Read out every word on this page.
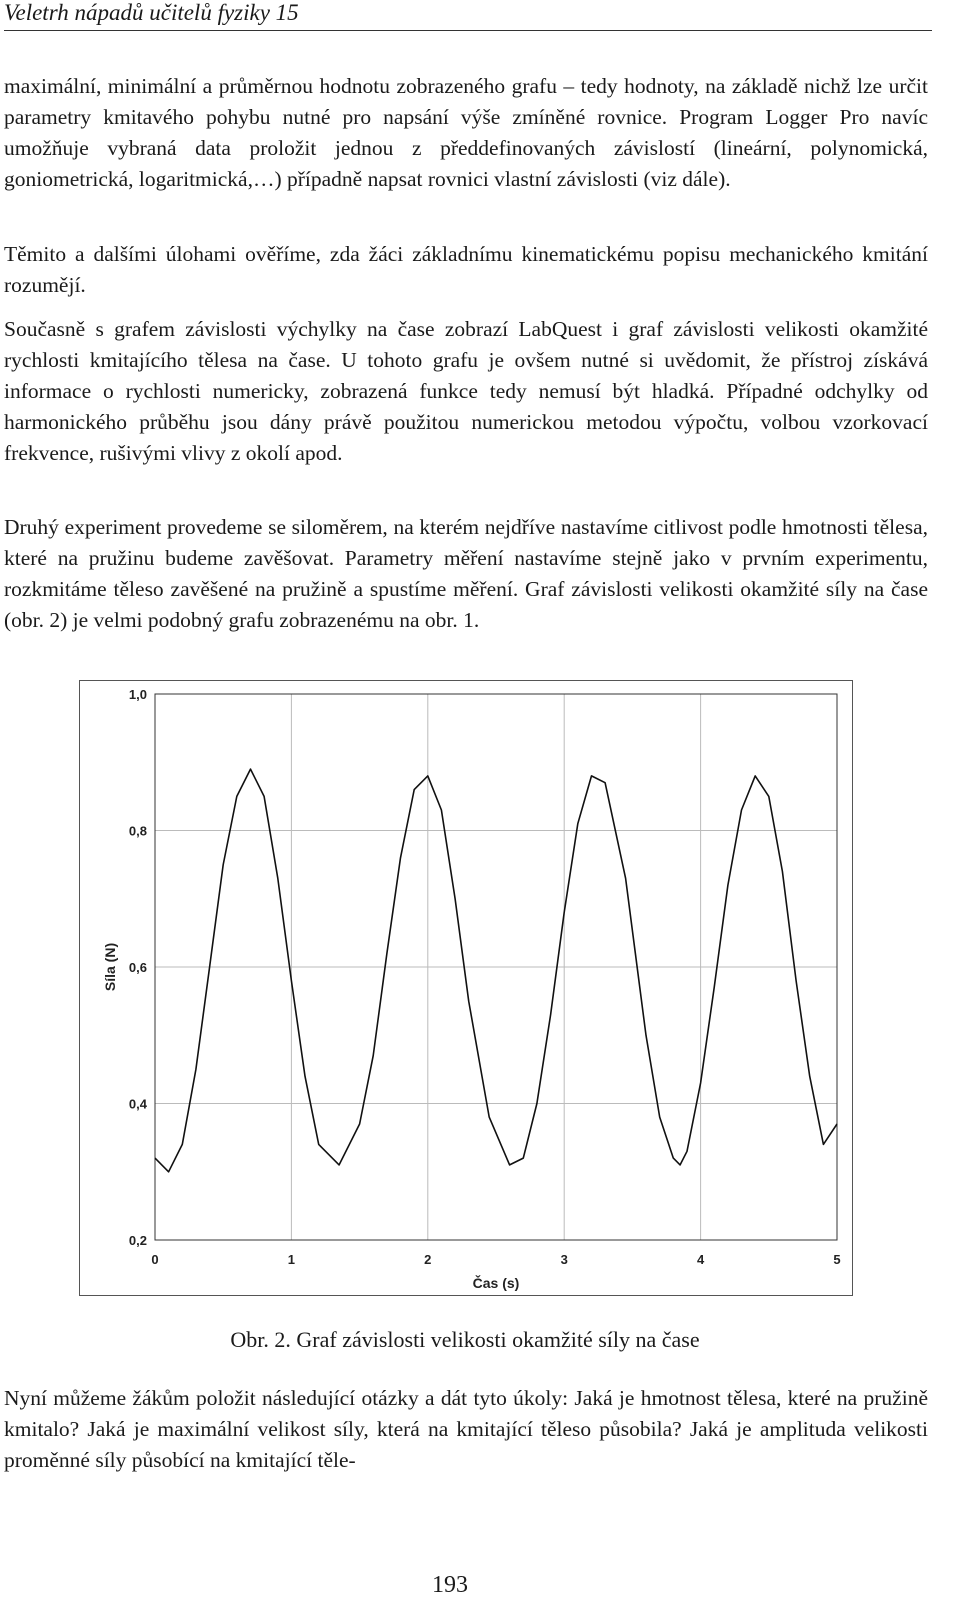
Veletrh nápadů učitelů fyziky 15

maximální, minimální a průměrnou hodnotu zobrazeného grafu – tedy hodnoty, na základě nichž lze určit parametry kmitavého pohybu nutné pro napsání výše zmíněné rovnice. Program Logger Pro navíc umožňuje vybraná data proložit jednou z předdefinovaných závislostí (lineární, polynomická, goniometrická, logaritmická,…) případně napsat rovnici vlastní závislosti (viz dále).

Těmito a dalšími úlohami ověříme, zda žáci základnímu kinematickému popisu mechanického kmitání rozumějí.

Současně s grafem závislosti výchylky na čase zobrazí LabQuest i graf závislosti velikosti okamžité rychlosti kmitajícího tělesa na čase. U tohoto grafu je ovšem nutné si uvědomit, že přístroj získává informace o rychlosti numericky, zobrazená funkce tedy nemusí být hladká. Případné odchylky od harmonického průběhu jsou dány právě použitou numerickou metodou výpočtu, volbou vzorkovací frekvence, rušivými vlivy z okolí apod.

Druhý experiment provedeme se siloměrem, na kterém nejdříve nastavíme citlivost podle hmotnosti tělesa, které na pružinu budeme zavěšovat. Parametry měření nastavíme stejně jako v prvním experimentu, rozkmitáme těleso zavěšené na pružině a spustíme měření. Graf závislosti velikosti okamžité síly na čase (obr. 2) je velmi podobný grafu zobrazenému na obr. 1.

0	1	2	3	4	5
0,2
0,4
0,6
0,8
1,0
Čas (s)
Síla (N)
Obr. 2. Graf závislosti velikosti okamžité síly na čase

Nyní můžeme žákům položit následující otázky a dát tyto úkoly: Jaká je hmotnost tělesa, které na pružině kmitalo? Jaká je maximální velikost síly, která na kmitající těleso působila? Jaká je amplituda velikosti proměnné síly působící na kmitající těle-

193
